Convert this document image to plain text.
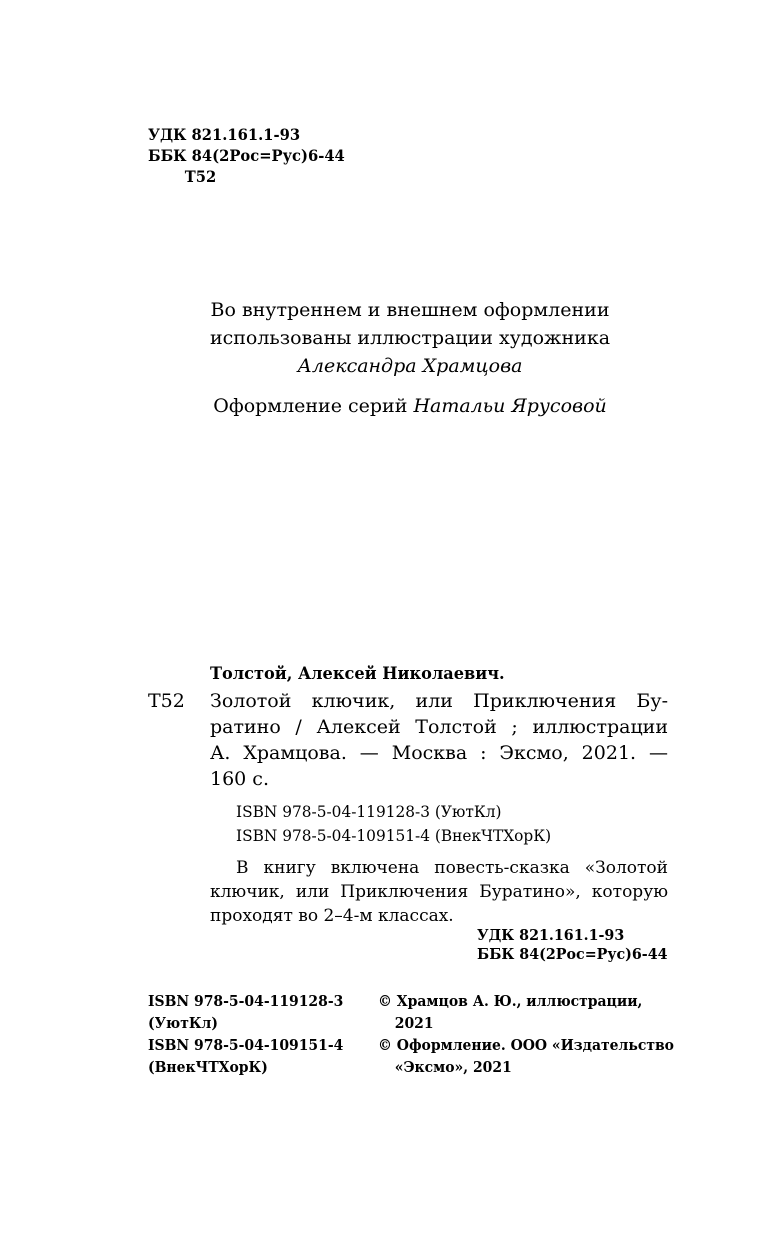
УДК 821.161.1-93
ББК 84(2Рос=Рус)6-44
Т52
Во внутреннем и внешнем оформлении
использованы иллюстрации художника
Александра Храмцова
Оформление серий Натальи Ярусовой
Толстой, Алексей Николаевич.
Т52 Золотой ключик, или Приключения Бу-
ратино / Алексей Толстой ; иллюстрации
А. Храмцова. — Москва : Эксмо, 2021. —
160 с.
ISBN 978-5-04-119128-3 (УютКл)
ISBN 978-5-04-109151-4 (ВнекЧТХорК)
В книгу включена повесть-сказка «Золотой
ключик, или Приключения Буратино», которую
проходят во 2–4-м классах.
УДК 821.161.1-93
ББК 84(2Рос=Рус)6-44
ISBN 978-5-04-119128-3
(УютКл)
ISBN 978-5-04-109151-4
(ВнекЧТХорК)
© Храмцов А. Ю., иллюстрации,
2021
© Оформление. ООО «Издательство
«Эксмо», 2021
